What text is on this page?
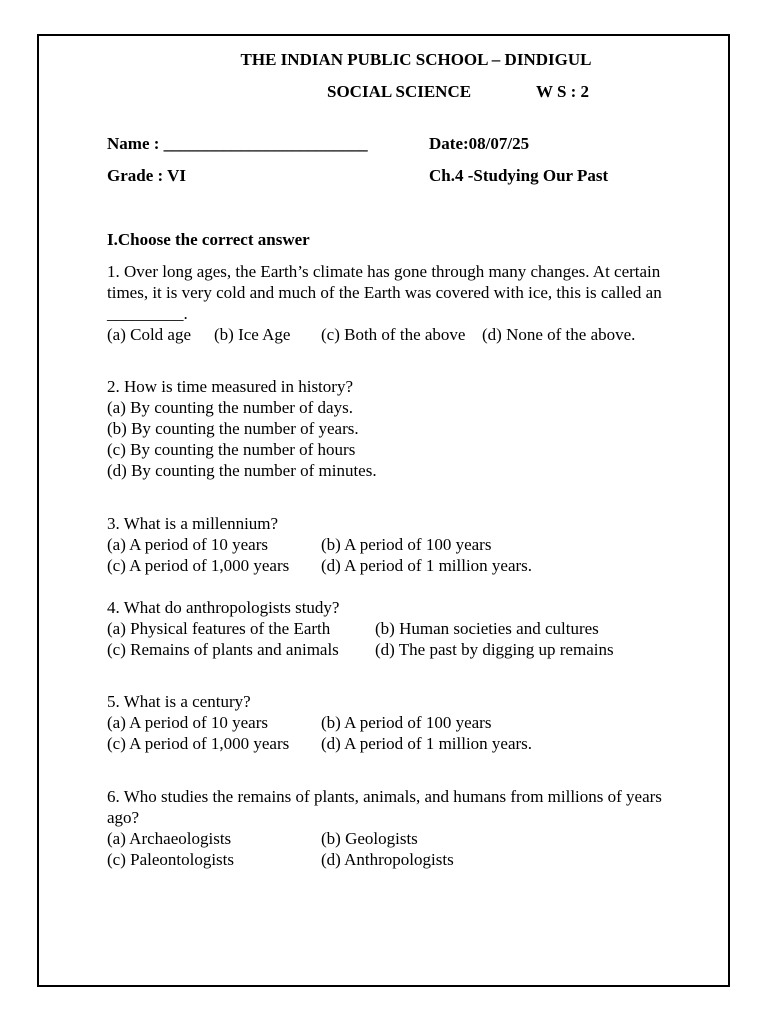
THE INDIAN PUBLIC SCHOOL – DINDIGUL
SOCIAL SCIENCE	W S : 2
Name : ________________________	Date:08/07/25
Grade : VI	Ch.4 -Studying Our Past
I.Choose the correct answer

1. Over long ages, the Earth’s climate has gone through many changes. At certain times, it is very cold and much of the Earth was covered with ice, this is called an _________.

(a) Cold age (b) Ice Age (c) Both of the above (d) None of the above.

2. How is time measured in history?

(a) By counting the number of days.

(b) By counting the number of years.

(c) By counting the number of hours

(d) By counting the number of minutes.

3. What is a millennium?

(a) A period of 10 years	(b) A period of 100 years

(c) A period of 1,000 years (d) A period of 1 million years.

4. What do anthropologists study?

(a) Physical features of the Earth	(b) Human societies and cultures

(c) Remains of plants and animals (d) The past by digging up remains

5. What is a century?

(a) A period of 10 years	(b) A period of 100 years

(c) A period of 1,000 years (d) A period of 1 million years.

6. Who studies the remains of plants, animals, and humans from millions of years ago?

(a) Archaeologists	(b) Geologists

(c) Paleontologists	(d) Anthropologists
